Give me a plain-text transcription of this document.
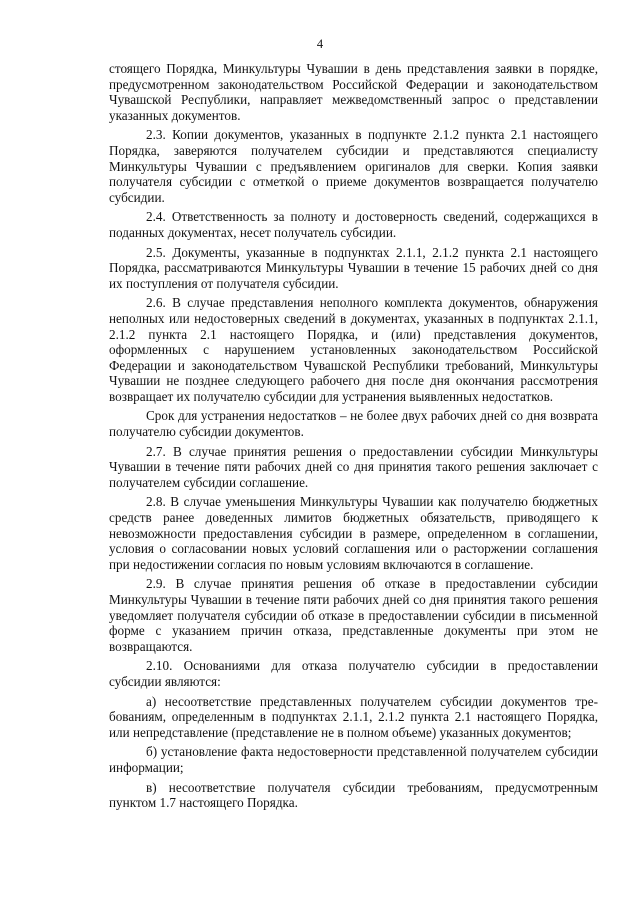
4

стоящего Порядка, Минкультуры Чувашии в день представления заявки в порядке, предусмотренном законодательством Российской Федерации и законодательством Чувашской Республики, направляет межведомственный запрос о представлении указанных документов.

2.3. Копии документов, указанных в подпункте 2.1.2 пункта 2.1 настоящего Порядка, заверяются получателем субсидии и представляются специалисту Минкультуры Чувашии с предъявлением оригиналов для сверки. Копия заявки получателя субсидии с отметкой о приеме документов возвращается получателю субсидии.

2.4. Ответственность за полноту и достоверность сведений, содержащихся в поданных документах, несет получатель субсидии.

2.5. Документы, указанные в подпунктах 2.1.1, 2.1.2 пункта 2.1 настоящего Порядка, рассматриваются Минкультуры Чувашии в течение 15 рабочих дней со дня их поступления от получателя субсидии.

2.6. В случае представления неполного комплекта документов, обнаружения неполных или недостоверных сведений в документах, указанных в подпунктах 2.1.1, 2.1.2 пункта 2.1 настоящего Порядка, и (или) представления документов, оформленных с нарушением установленных законодательством Российской Федерации и законодательством Чувашской Республики требований, Минкультуры Чувашии не позднее следующего рабочего дня после дня окончания рассмотрения возвращает их получателю субсидии для устранения выявленных недостатков.

Срок для устранения недостатков – не более двух рабочих дней со дня возврата получателю субсидии документов.

2.7. В случае принятия решения о предоставлении субсидии Минкультуры Чувашии в течение пяти рабочих дней со дня принятия такого решения заключает с получателем субсидии соглашение.

2.8. В случае уменьшения Минкультуры Чувашии как получателю бюджетных средств ранее доведенных лимитов бюджетных обязательств, приводящего к невозможности предоставления субсидии в размере, определенном в соглашении, условия о согласовании новых условий соглашения или о расторжении соглашения при недостижении согласия по новым условиям включаются в соглашение.

2.9. В случае принятия решения об отказе в предоставлении субсидии Минкультуры Чувашии в течение пяти рабочих дней со дня принятия такого решения уведомляет получателя субсидии об отказе в предоставлении субсидии в письменной форме с указанием причин отказа, представленные документы при этом не возвращаются.

2.10. Основаниями для отказа получателю субсидии в предоставлении субсидии являются:

а) несоответствие представленных получателем субсидии документов требованиям, определенным в подпунктах 2.1.1, 2.1.2 пункта 2.1 настоящего Порядка, или непредставление (представление не в полном объеме) указанных документов;

б) установление факта недостоверности представленной получателем субсидии информации;

в) несоответствие получателя субсидии требованиям, предусмотренным пунктом 1.7 настоящего Порядка.
